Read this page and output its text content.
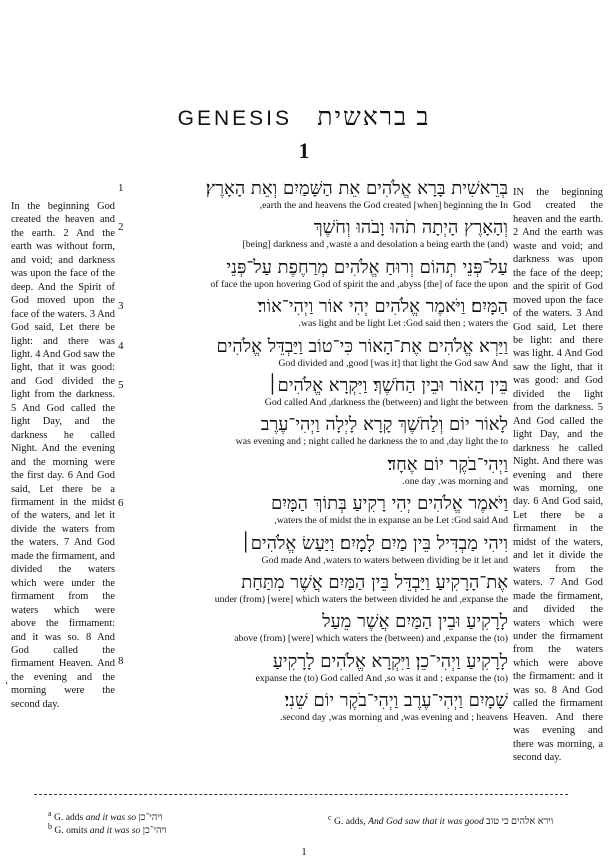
GENESIS ב בראשית
1
In the beginning God created the heaven and the earth. 2 And the earth was without form, and void; and darkness was upon the face of the deep. And the Spirit of God moved upon the face of the waters. 3 And God said, Let there be light: and there was light. 4 And God saw the light, that it was good: and God divided the light from the darkness. 5 And God called the light Day, and the darkness he called Night. And the evening and the morning were the first day. 6 And God said, Let there be a firmament in the midst of the waters, and let it divide the waters from the waters. 7 And God made the firmament, and divided the waters which were under the firmament from the waters which were above the firmament: and it was so. 8 And God called the firmament Heaven. And the evening and the morning were the second day.
IN the beginning God created the heaven and the earth. 2 And the earth was waste and void; and darkness was upon the face of the deep; and the spirit of God moved upon the face of the waters. 3 And God said, Let there be light: and there was light. 4 And God saw the light, that it was good: and God divided the light from the darkness. 5 And God called the light Day, and the darkness he called Night. And there was evening and there was morning, one day. 6 And God said, Let there be a firmament in the midst of the waters, and let it divide the waters from the waters. 7 And God made the firmament, and divided the waters which were under the firmament from the waters which were above the firmament: and it was so. 8 And God called the firmament Heaven. And there was evening and there was morning, a second day.
בְּרֵאשִׁית בָּרָא אֱלֹהִים אֵת הַשָּׁמַיִם וְאֵת הָאָרֶץ׃
,earth the and heavens the God created [when] beginning the In
1
וְהָאָרֶץ הָיְתָה תֹהוּ וָבֹהוּ וְחֹשֶׁךְ
[being] darkness and ,waste a and desolation a being earth the (and)
2
עַל־פְּנֵי תְהוֹם וְרוּחַ אֱלֹהִים מְרַחֶפֶת עַל־פְּנֵי
of face the upon hovering God of spirit the and ,abyss [the] of face the upon
הַמָּיִם׃ וַיֹּאמֶר אֱלֹהִים יְהִי אוֹר וַיְהִי־אוֹר׃
.was light and be light Let :God said then ; waters the
3
וַיַּרְא אֱלֹהִים אֶת־הָאוֹר כִּי־טוֹב וַיַּבְדֵּל אֱלֹהִים
God divided and ,good [was it] that light the God saw And
4
בֵּין הָאוֹר וּבֵין הַחֹשֶׁךְ׃ וַיִּקְרָא אֱלֹהִים׀
God called And ,darkness the (between) and light the between
5
לָאוֹר יוֹם וְלַחֹשֶׁךְ קָרָא לָיְלָה וַיְהִי־עֶרֶב
was evening and ; night called he darkness the to and ,day light the to
וַיְהִי־בֹקֶר יוֹם אֶחָד׃
.one day ,was morning and
וַיֹּאמֶר אֱלֹהִים יְהִי רָקִיעַ בְּתוֹךְ הַמָּיִם
,waters the of midst the in expanse an be Let :God said And
6
וִיהִי מַבְדִּיל בֵּין מַיִם לָמָיִם׃ וַיַּעַשׂ אֱלֹהִים׀
God made And ,waters to waters between dividing be it let and
אֶת־הָרָקִיעַ וַיַּבְדֵּל בֵּין הַמַּיִם אֲשֶׁר מִתַּחַת
under (from) [were] which waters the between divided he and ,expanse the
לָרָקִיעַ וּבֵין הַמַּיִם אֲשֶׁר מֵעַל
above (from) [were] which waters the (between) and ,expanse the (to)
לָרָקִיעַ וַיְהִי־כֵן׃ וַיִּקְרָא אֱלֹהִים לָרָקִיעַ
expanse the (to) God called And ,so was it and ; expanse the (to)
8
שָׁמָיִם וַיְהִי־עֶרֶב וַיְהִי־בֹקֶר יוֹם שֵׁנִי׃
.second day ,was morning and ,was evening and ; heavens
ʽ
$^a$ G. adds and it was so ויהי־כן
$^b$ G. omits and it was so ויהי־כן
$^c$ G. adds, And God saw that it was good וירא אלהים כי טוב
1
